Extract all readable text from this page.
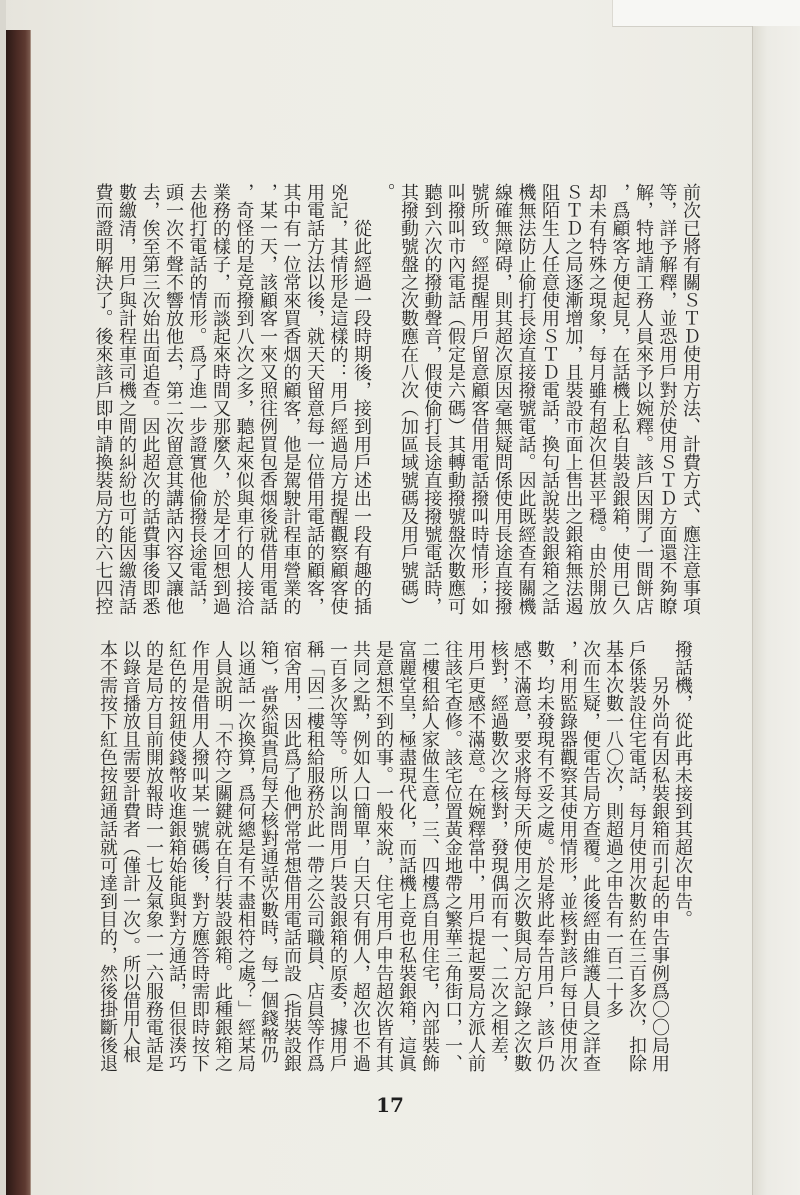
前次已將有關ＳＴＤ使用方法、計費方式、應注意事項
等，詳予解釋，並恐用戶對於使用ＳＴＤ方面還不夠瞭
解，特地請工務人員來予以婉釋。該戶因開了一間餅店
，爲顧客方便起見，在話機上私自裝設銀箱，使用已久
却未有特殊之現象，每月雖有超次但甚平穩。由於開放
ＳＴＤ之局逐漸增加，且裝設市面上售出之銀箱無法遏
阻陌生人任意使用ＳＴＤ電話，換句話說裝設銀箱之話
機無法防止偷打長途直接撥號電話。因此既經查有關機
線確無障碍，則其超次原因毫無疑問係使用長途直接撥
號所致。經提醒用戶留意顧客借用電話撥叫時情形；如
叫撥叫市內電話（假定是六碼）其轉動撥號盤次數應可
聽到六次的撥動聲音，假使偷打長途直接撥號電話時，
其撥動號盤之次數應在八次（加區域號碼及用戶號碼）
。
從此經過一段時期後，接到用戶述出一段有趣的插
兇記，其情形是這樣的：用戶經過局方提醒觀察顧客使
用電話方法以後，就天天留意每一位借用電話的顧客，
其中有一位常來買香烟的顧客，他是駕駛計程車營業的
，某一天，該顧客一來又照往例買包香烟後就借用電話
，奇怪的是竟撥到八次之多，聽起來似與車行的人接洽
業務的樣子，而談起來時間又那麼久，於是才回想到過
去他打電話的情形。爲了進一步證實他偷撥長途電話，
頭一次不聲不響放他去，第二次留意其講話內容又讓他
去，俟至第三次始出面追查。因此超次的話費事後即悉
數繳清，用戶與計程車司機之間的糾紛也可能因繳清話
費而證明解決了。後來該戶即申請換裝局方的六七四控
撥話機，從此再未接到其超次申告。
另外尚有因私裝銀箱而引起的申告事例爲〇〇局用
戶係裝設住宅電話，每月使用次數約在三百多次，扣除
基本次數一八〇次，則超過之申告有一百二十多
次而生疑，便電告局方查覆。此後經由維護人員之詳查
，利用監錄器觀察其使用情形，並核對該戶每日使用次
數，均未發現有不妥之處。於是將此奉告用戶，該戶仍
感不滿意，要求將每天所使用之次數與局方記錄之次數
核對，經過數次之核對，發現偶而有一、二次之相差，
用戶更感不滿意。在婉釋當中，用戶提起要局方派人前
往該宅查修。該宅位置黃金地帶之繁華三角街口，一、
二樓租給人家做生意，三、四樓爲自用住宅，內部裝飾
富麗堂皇，極盡現代化，而話機上竟也私裝銀箱，這眞
是意想不到的事。一般來說，住宅用戶申告超次皆有其
共同之點，例如人口簡單，白天只有佣人，超次也不過
一百多次等等。所以詢問用戶裝設銀箱的原委，據用戶
稱「因二樓租給服務於此一帶之公司職員、店員等作爲
宿舍用，因此爲了他們常常想借用電話而設（指裝設銀
箱），當然與貴局每天核對通話次數時，每一個錢幣仍
以通話一次換算，爲何總是有不盡相符之處？」經某局
人員說明「不符之關鍵就在自行裝設銀箱。此種銀箱之
作用是借用人撥叫某一號碼後，對方應答時需即時按下
紅色的按鈕使錢幣收進銀箱始能與對方通話，但很湊巧
的是局方目前開放報時一一七及氣象一一六服務電話是
以錄音播放且需要計費者（僅計一次）。所以借用人根
本不需按下紅色按鈕通話就可達到目的，然後掛斷後退
17
